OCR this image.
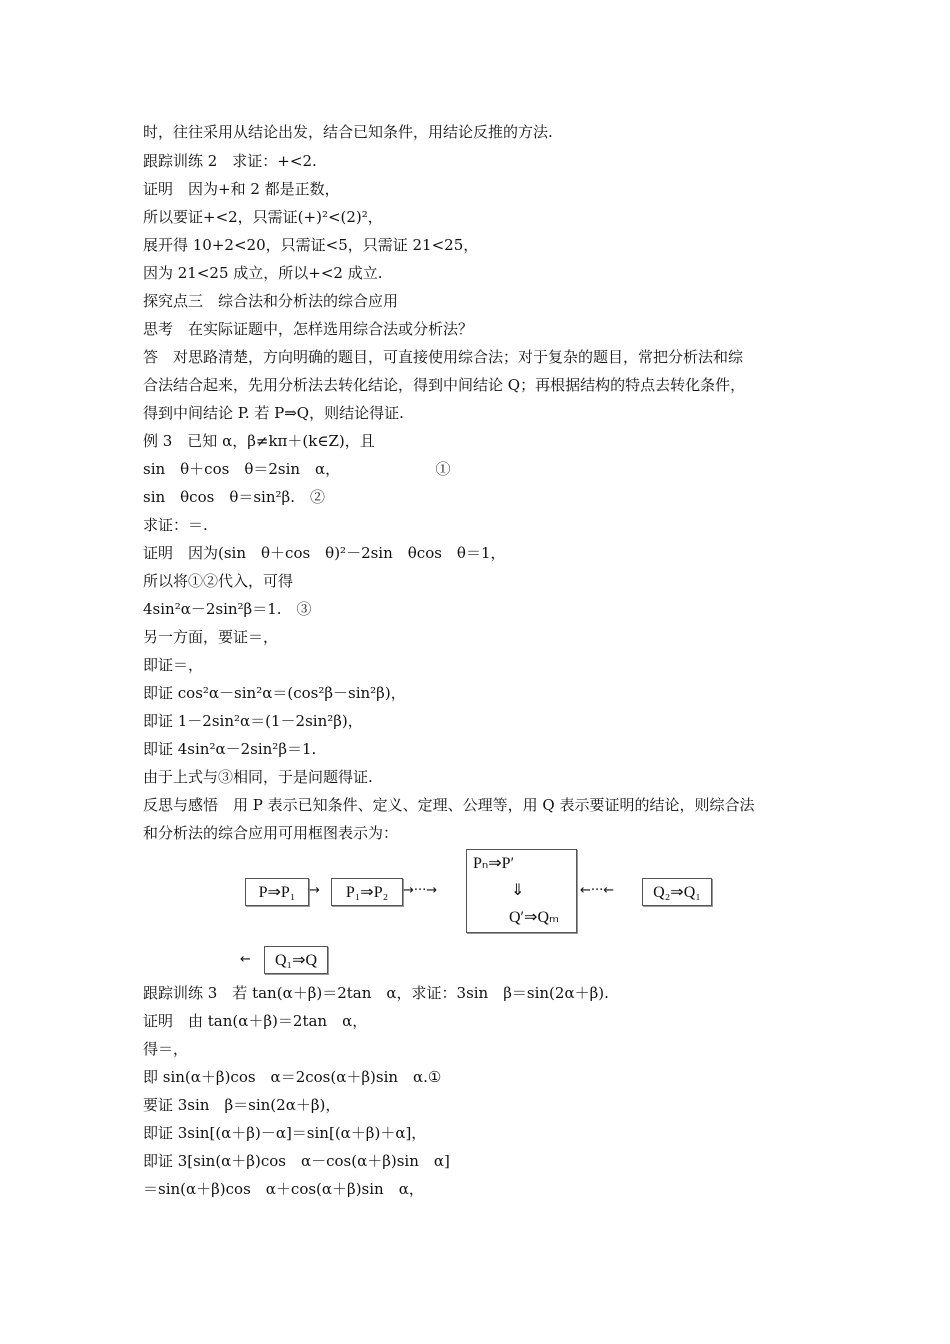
时，往往采用从结论出发，结合已知条件，用结论反推的方法.
跟踪训练 2　求证：+<2.
证明　因为+和 2 都是正数，
所以要证+<2，只需证(+)²<(2)²，
展开得 10+2<20，只需证<5，只需证 21<25，
因为 21<25 成立，所以+<2 成立.
探究点三　综合法和分析法的综合应用
思考　在实际证题中，怎样选用综合法或分析法？
答　对思路清楚，方向明确的题目，可直接使用综合法；对于复杂的题目，常把分析法和综
合法结合起来，先用分析法去转化结论，得到中间结论 Q；再根据结构的特点去转化条件，
得到中间结论 P. 若 P⇒Q，则结论得证.
例 3　已知 α，β≠kπ＋(k∈Z)，且
sin　θ＋cos　θ＝2sin　α，                    ①
sin　θcos　θ＝sin²β.　②
求证：＝.
证明　因为(sin　θ＋cos　θ)²－2sin　θcos　θ＝1，
所以将①②代入，可得
4sin²α－2sin²β＝1.　③
另一方面，要证＝，
即证＝，
即证 cos²α－sin²α＝(cos²β－sin²β)，
即证 1－2sin²α＝(1－2sin²β)，
即证 4sin²α－2sin²β＝1.
由于上式与③相同，于是问题得证.
反思与感悟　用 P 表示已知条件、定义、定理、公理等，用 Q 表示要证明的结论，则综合法
和分析法的综合应用可用框图表示为：
P⇒P₁	→	P₁⇒P₂	→···→
Pₙ⇒P′
⇓
Q′⇒Qₘ
←···←	Q₂⇒Q₁
←	Q₁⇒Q
跟踪训练 3　若 tan(α＋β)＝2tan　α，求证：3sin　β＝sin(2α＋β).
证明　由 tan(α＋β)＝2tan　α，
得＝，
即 sin(α＋β)cos　α＝2cos(α＋β)sin　α.①
要证 3sin　β＝sin(2α＋β)，
即证 3sin[(α＋β)－α]＝sin[(α＋β)＋α]，
即证 3[sin(α＋β)cos　α－cos(α＋β)sin　α]
＝sin(α＋β)cos　α＋cos(α＋β)sin　α，
